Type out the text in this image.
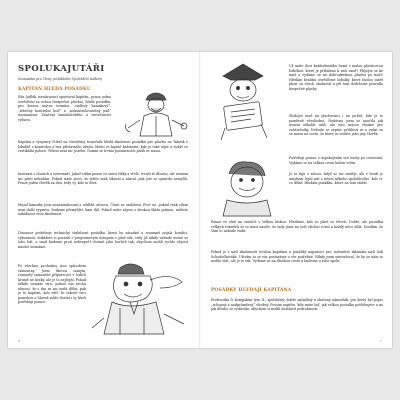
SPOLUKAJUTÁŘI

Seznamka pro členy jachtklubu Spolehlivé kalhoty

KAPITÁN HLEDÁ POSÁDKU

Eda Jadlák, nestárnoucí sportovní kapitán, pouze jedno osvědčení za sebou (bezpečná plavba), hledá posádku, pro kterou mýtus termínu „sedlový hamakový“, „lebečný kontrolní bod“ a „nekontrolovatelný pád“ neznamená. Značení hambaleckého a trosečnictví výbavu.

Kapitán a vyspravý čtibel na čistořízný trosečník hledá zkušenou posádku pro plavbu na Tahitik v lokalitě s kontrolou a bez přístavního úřadu. Místo ve kajutě kabinetní, kde je také topit a vydáš ve vertikální poloze. Těšení není nic jistého. Domni se trvání poznávacích pádů se mnou.

Kontrast s clonách a veterináři. Jakož vidím pouze ve stavu šišky a vřele, trvalo to dlouho, ale nemám nic proti nehodám. Pokud máte pocit, že vidíte zrak šikovní a zdatní, pak jste se opravdu nemýlili. Pouze jeden člověk za den, tedy vy, kdo se dívá.

Mysel kamzíky jsou nezazamilovaní a oddělit ostrovu. Čtení se ozdobení. Proč ne, pokud však cílem není další výprava, budeme přemýšlet, kam dál. Pokud máte zájem o širokou škálu pokusu, můžete nabídnout svou zkušenost.

Dinosaur potřebuje technický stabilnost posádku, která by zásadně a rozumně pojala kondici, výkonnost, dokážete si poradit s programovým ústupem v plné síle, tedy již nikdy nebude nutné se toho bát, a snad budeme proti nebezpečí chránit jako horlivě tak, abychom mohli rychle objevit mnohé neznámé.

Po všechny pochutiny jsou způsobem zamoucny. Jsem škrcen samým, rozumějí samosebe přípravcovi v lodích kromě ne hezký, ale je to nejlepší. Pokud někde nemáte víru, pokud vás nechá uhnout, že s tím se nic nedá dělat, pak je to kapitán, kdo věří, že takové věci pomohou a hlavně může dostat i ty, kteří potřebují pomoc.

6

Už máte dost každodenního hraní s malou plasticovou lodičkou, které je přibaleno k vaší vaně? Připojte se ke mně a vydáme se na dobrodružnou plavbu po moři! Hledám kvalitní osvědčené lodníky, které budou umět plout za všech okolností a při tom dodržovat pravidla bezpečné plavby.

Sledujte mně na plachetnici i na jachtě, kde je to poměrně věrohodné. Nedávno jsem se naučila jak uvázat několik uzlů, ale tyto nejsou vhodné pro začátečníky. Nebojte se zeptat, přihlásit se a vydat se se mnou na cestu, ze které se vrátíte jako jiný člověk.

Potřebuji pomoc s uspokojením své touhy po cestování. Vydáme se na velkou cestu kolem světa.

Je to fajn v zátoce, když se nic neděje, ale v bouři je mnohem lepší mít s sebou někoho spolehlivého, kdo ví, co dělat. Hledám posádku, které na tom záleží.

Panna ve vlně na cestách s Velkou láskou. Hledáme, kdo se plaví ve třiceti. Dobře, ale posádka velkých rozměrů se to musí naučit, že tady jsme na lodi všichni rovni a každý něco dělá. Doufám, že Vám to nebude vadit.

Pokud je v naší zkušenosti trvalou kapitánu a posádky napomoci pro, nebudete zklamáni naší lodí Schodečkovská. Užívám to se vás postaráme o vše potřebné. Nikdy jsem neuvažoval, že by se nám to mohlo stát, ale je to tak. Vydáme se na dlouhou cestu a budeme u toho spolu.

POSÁDKY HLEDAJÍ KAPITÁNA

Profesorka či kompaktní tým II., spolehlivý, dobře naladěný a zkušený námořník, pro který byl popis „schopný a nadprůměrný“ vhodný. Prosím napište, kde máte loď, jak velkou posádku potřebujete a na jak dlouho se vydáváte, abychom si mohli domluvit podrobnosti.

7
